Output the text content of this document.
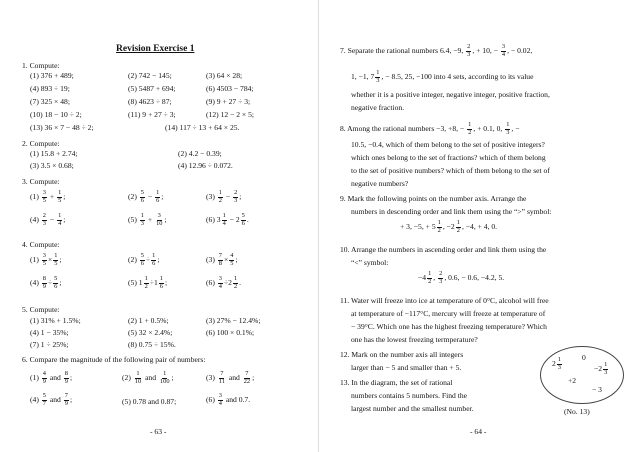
Revision Exercise 1
1. Compute:
(1) 376 + 489;	(2) 742 − 145;	(3) 64 × 28;
(4) 893 ÷ 19;	(5) 5487 + 694;	(6) 4503 − 784;
(7) 325 × 48;	(8) 4623 ÷ 87;	(9) 9 + 27 ÷ 3;
(10) 18 − 10 ÷ 2;	(11) 9 + 27 ÷ 3;	(12) 12 − 2 × 5;
(13) 36 × 7 − 48 ÷ 2;	(14) 117 ÷ 13 + 64 × 25.
2. Compute:
(1) 15.8 + 2.74;	(2) 4.2 − 0.39;
(3) 3.5 × 0.68;	(4) 12.96 ÷ 0.072.
3. Compute:
$(1) \frac{3}{5} + \frac{1}{5}$ ;	$(2) \frac{5}{6} - \frac{1}{6}$ ;	$(3) \frac{1}{2} - \frac{2}{3}$ ;
$(4) \frac{2}{3} - \frac{1}{4}$ ;	$(5) \frac{1}{3} + \frac{3}{10}$ ;	(6) $3 \frac{1}{4} - 2 \frac{5}{6}$ .
4. Compute:
$(1) \frac{3}{5} \times \frac{1}{5}$ ;	$(2) \frac{5}{6} \div \frac{1}{6}$ ;	$(3) \frac{7}{8} \times \frac{4}{5}$ ;
$(4) \frac{8}{9} \div \frac{5}{6}$ ;	(5) $1 \frac{1}{2} \div 1 \frac{1}{6}$ ;	$(6) \frac{3}{4} \div 2 \frac{1}{2}$ .
5. Compute:
(1) 31% + 1.5%;	(2) 1 + 0.5%;	(3) 27% − 12.4%;
(4) 1 − 35%;	(5) 32 × 2.4%;	(6) 100 × 0.1%;
(7) 1 ÷ 25%;	(8) 0.75 ÷ 15%.
6. Compare the magnitude of the following pair of numbers:
$(1) \frac{4}{9}$ and $\frac{8}{9}$ ;	$(2) \frac{1}{10}$ and $\frac{1}{100}$ ;	$(3) \frac{7}{11}$ and $\frac{7}{22}$ ;
$(4) \frac{5}{7}$ and $\frac{7}{9}$ ;	(5) 0.78 and 0.87;	$(6) \frac{3}{4}$ and 0.7.
- 63 -
7. Separate the rational numbers 6.4, −9, $\frac{2}{3}$ , + 10, − $\frac{3}{4}$ , − 0.02,
1, −1, $7 \frac{1}{3}$ , − 8.5, 25, −100 into 4 sets, according to its value
whether it is a positive integer, negative integer, positive fraction,
negative fraction.
8. Among the rational numbers −3, +8, − $\frac{1}{2}$ , + 0.1, 0, $\frac{1}{3}$ , −
10.5, −0.4, which of them belong to the set of positive integers?
which ones belong to the set of fractions? which of them belong
to the set of positive numbers? which of them belong to the set of
negative numbers?
9. Mark the following points on the number axis. Arrange the
numbers in descending order and link them using the “>” symbol:
+ 3, −5, + $5 \frac{1}{2}$ , $-2 \frac{1}{2}$ , −4, + 4, 0.
10. Arrange the numbers in ascending order and link them using the
“<” symbol:
$-4 \frac{1}{2}$ , $\frac{2}{3}$ , 0.6, − 0.6, −4.2, 5.
11. Water will freeze into ice at temperature of 0°C, alcohol will free
at temperature of −117°C, mercury will freeze at temperature of
− 39°C. Which one has the highest freezing temperature? Which
one has the lowest freezing termperature?
12. Mark on the number axis all integers
larger than − 5 and smaller than + 5.
13. In the diagram, the set of rational
numbers contains 5 numbers. Find the
largest number and the smallest number.
$2 \frac{1}{3}$	0
$-2 \frac{1}{3}$
+2
− 3
(No. 13)
- 64 -
